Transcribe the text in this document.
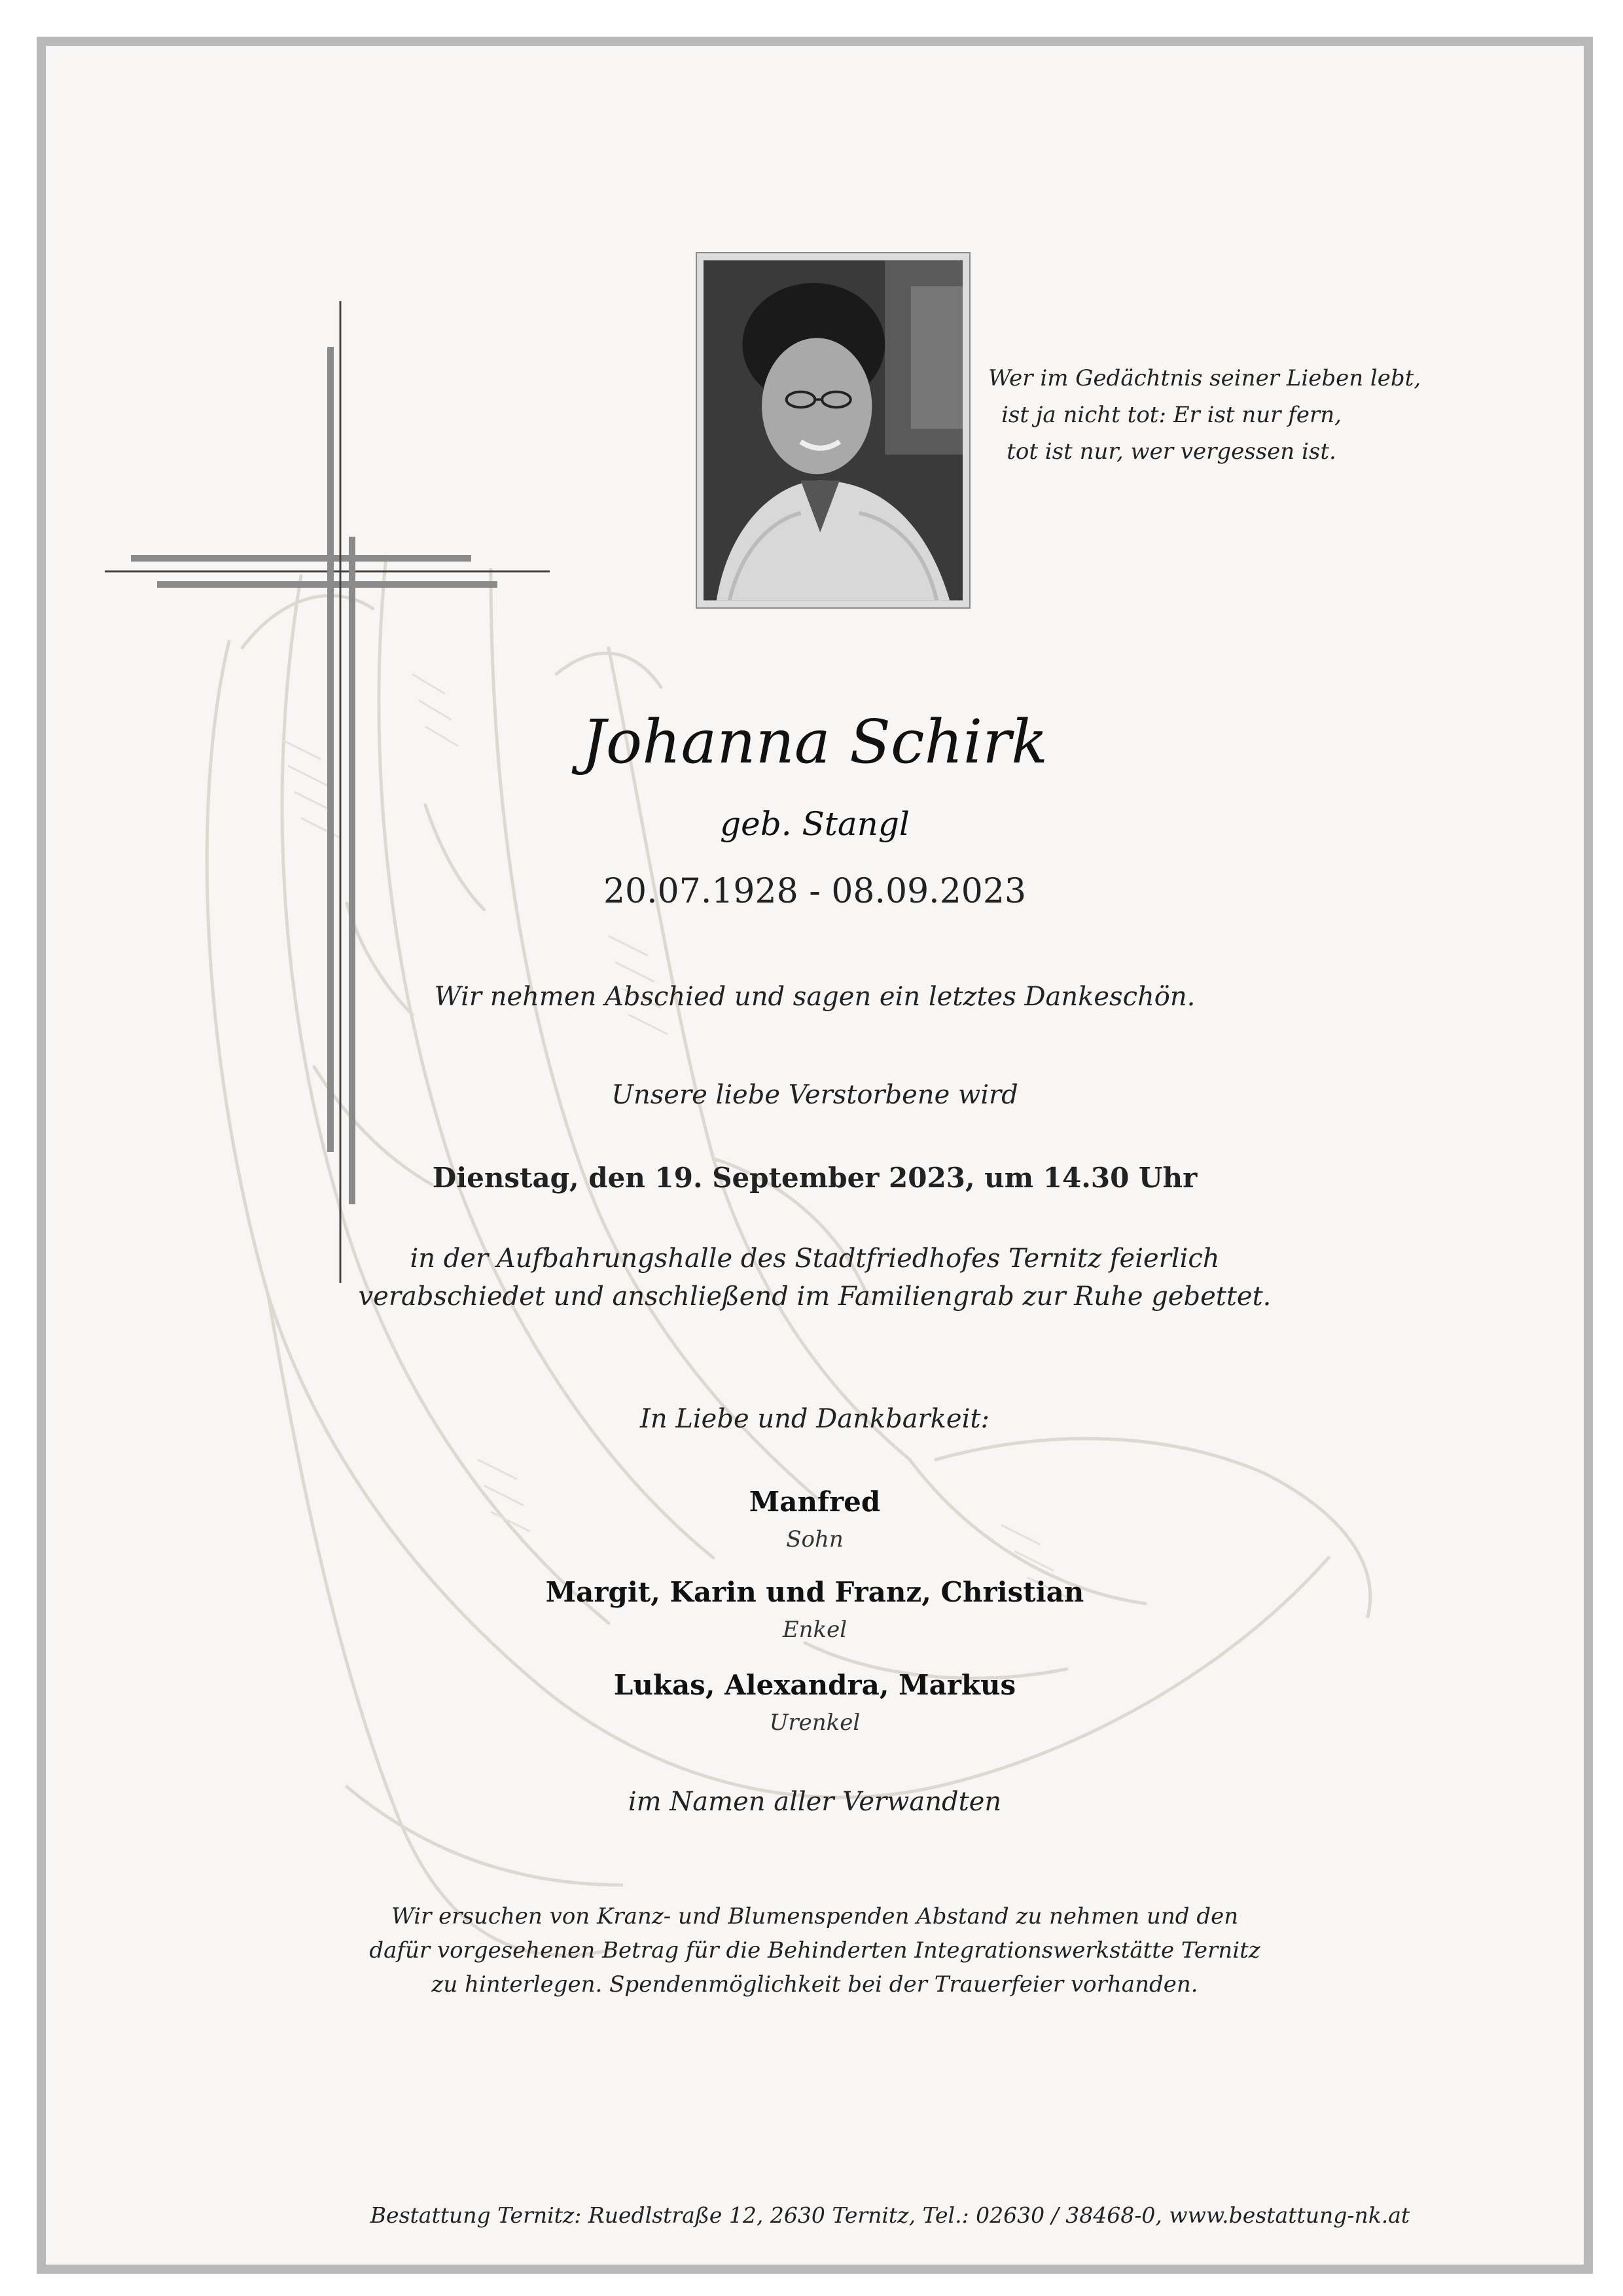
Wer im Gedächtnis seiner Lieben lebt,
ist ja nicht tot: Er ist nur fern,
tot ist nur, wer vergessen ist.
Johanna Schirk
geb. Stangl
20.07.1928 - 08.09.2023
Wir nehmen Abschied und sagen ein letztes Dankeschön.
Unsere liebe Verstorbene wird
Dienstag, den 19. September 2023, um 14.30 Uhr
in der Aufbahrungshalle des Stadtfriedhofes Ternitz feierlich
verabschiedet und anschließend im Familiengrab zur Ruhe gebettet.
In Liebe und Dankbarkeit:
Manfred
Sohn
Margit, Karin und Franz, Christian
Enkel
Lukas, Alexandra, Markus
Urenkel
im Namen aller Verwandten
Wir ersuchen von Kranz- und Blumenspenden Abstand zu nehmen und den
dafür vorgesehenen Betrag für die Behinderten Integrationswerkstätte Ternitz
zu hinterlegen. Spendenmöglichkeit bei der Trauerfeier vorhanden.
Bestattung Ternitz: Ruedlstraße 12, 2630 Ternitz, Tel.: 02630 / 38468-0, www.bestattung-nk.at
